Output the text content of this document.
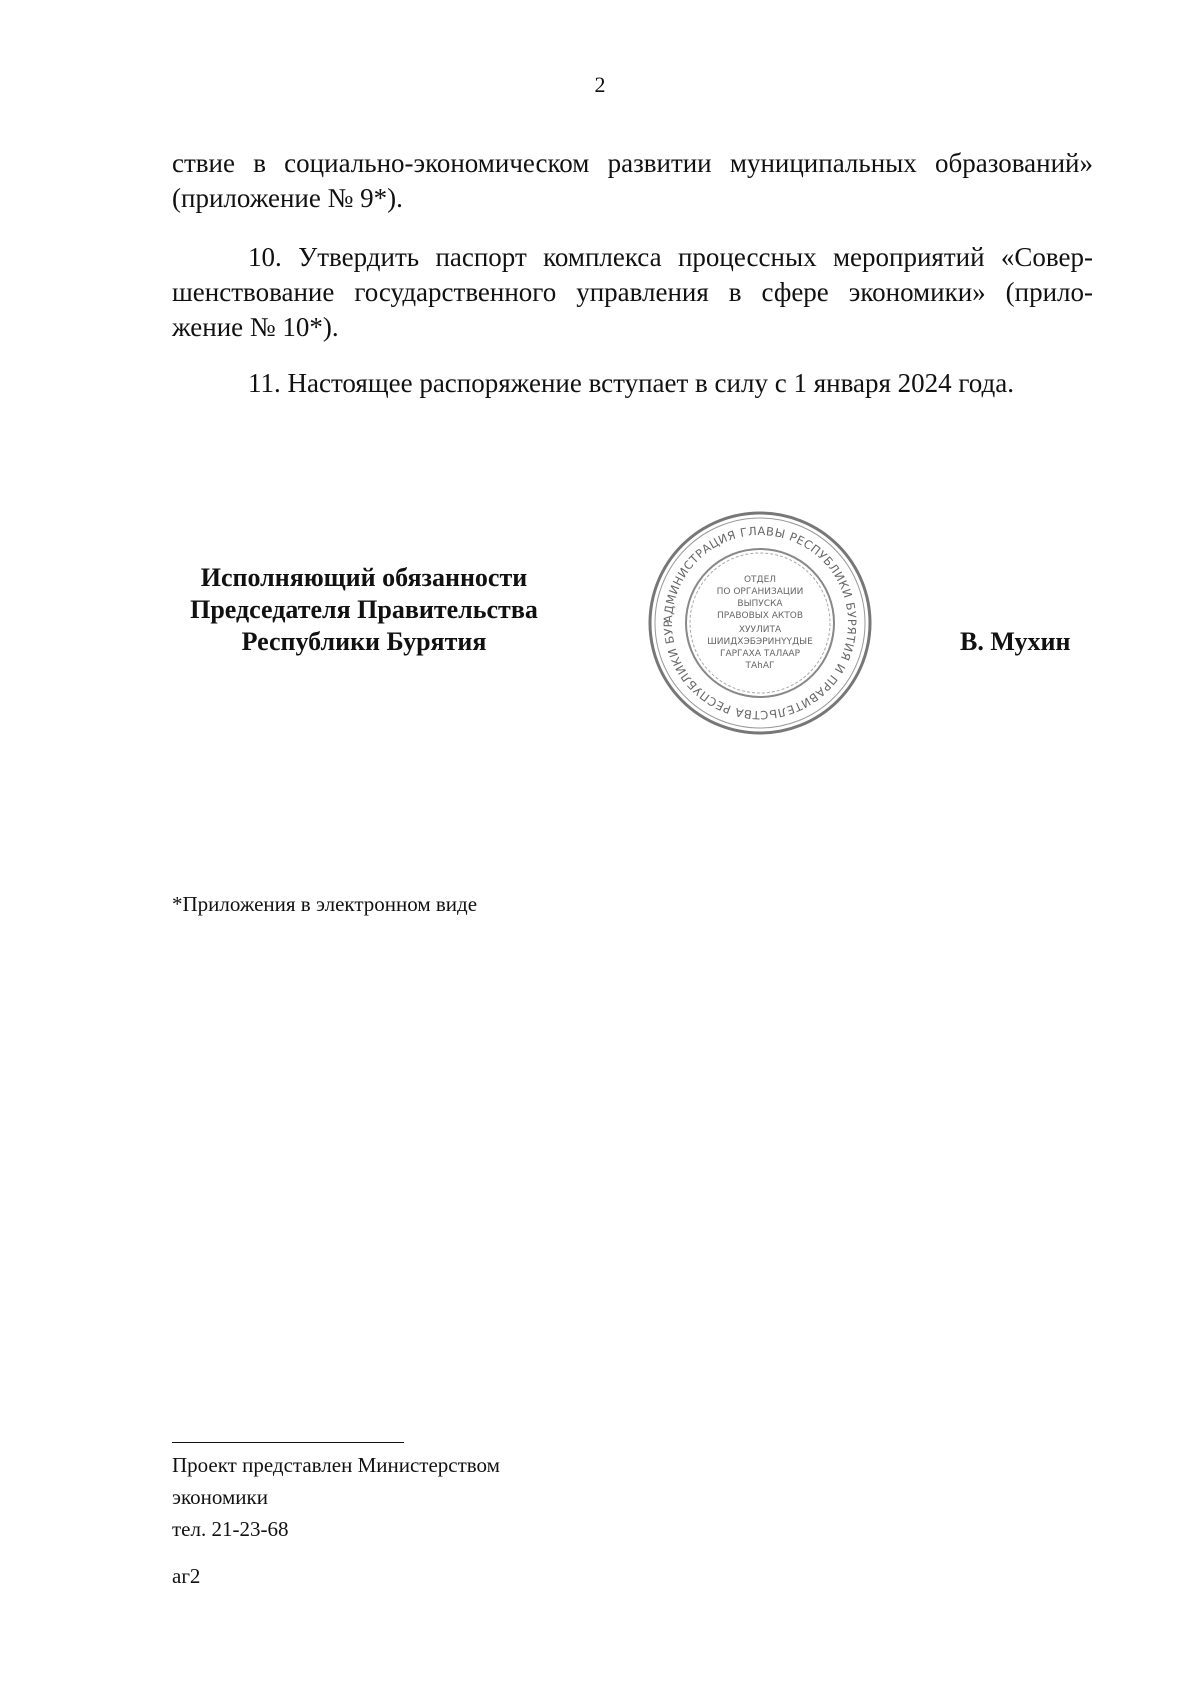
2
ствие в социально-экономическом развитии муниципальных образований»
(приложение № 9*).
10. Утвердить паспорт комплекса процессных мероприятий «Совер-
шенствование государственного управления в сфере экономики» (прило-
жение № 10*).
11. Настоящее распоряжение вступает в силу с 1 января 2024 года.
Исполняющий обязанности
Председателя Правительства
Республики Бурятия
АДМИНИСТРАЦИЯ ГЛАВЫ РЕСПУБЛИКИ БУРЯТИЯ И ПРАВИТЕЛЬСТВА РЕСПУБЛИКИ БУР
ОТДЕЛ
ПО ОРГАНИЗАЦИИ
ВЫПУСКА
ПРАВОВЫХ АКТОВ
ХУУЛИТА
ШИИДХЭБЭРИНҮҮДЫЕ
ГАРГАХА ТАЛААР
ТАһАГ
В. Мухин
*Приложения в электронном виде
Проект представлен Министерством
экономики
тел. 21-23-68
аг2
